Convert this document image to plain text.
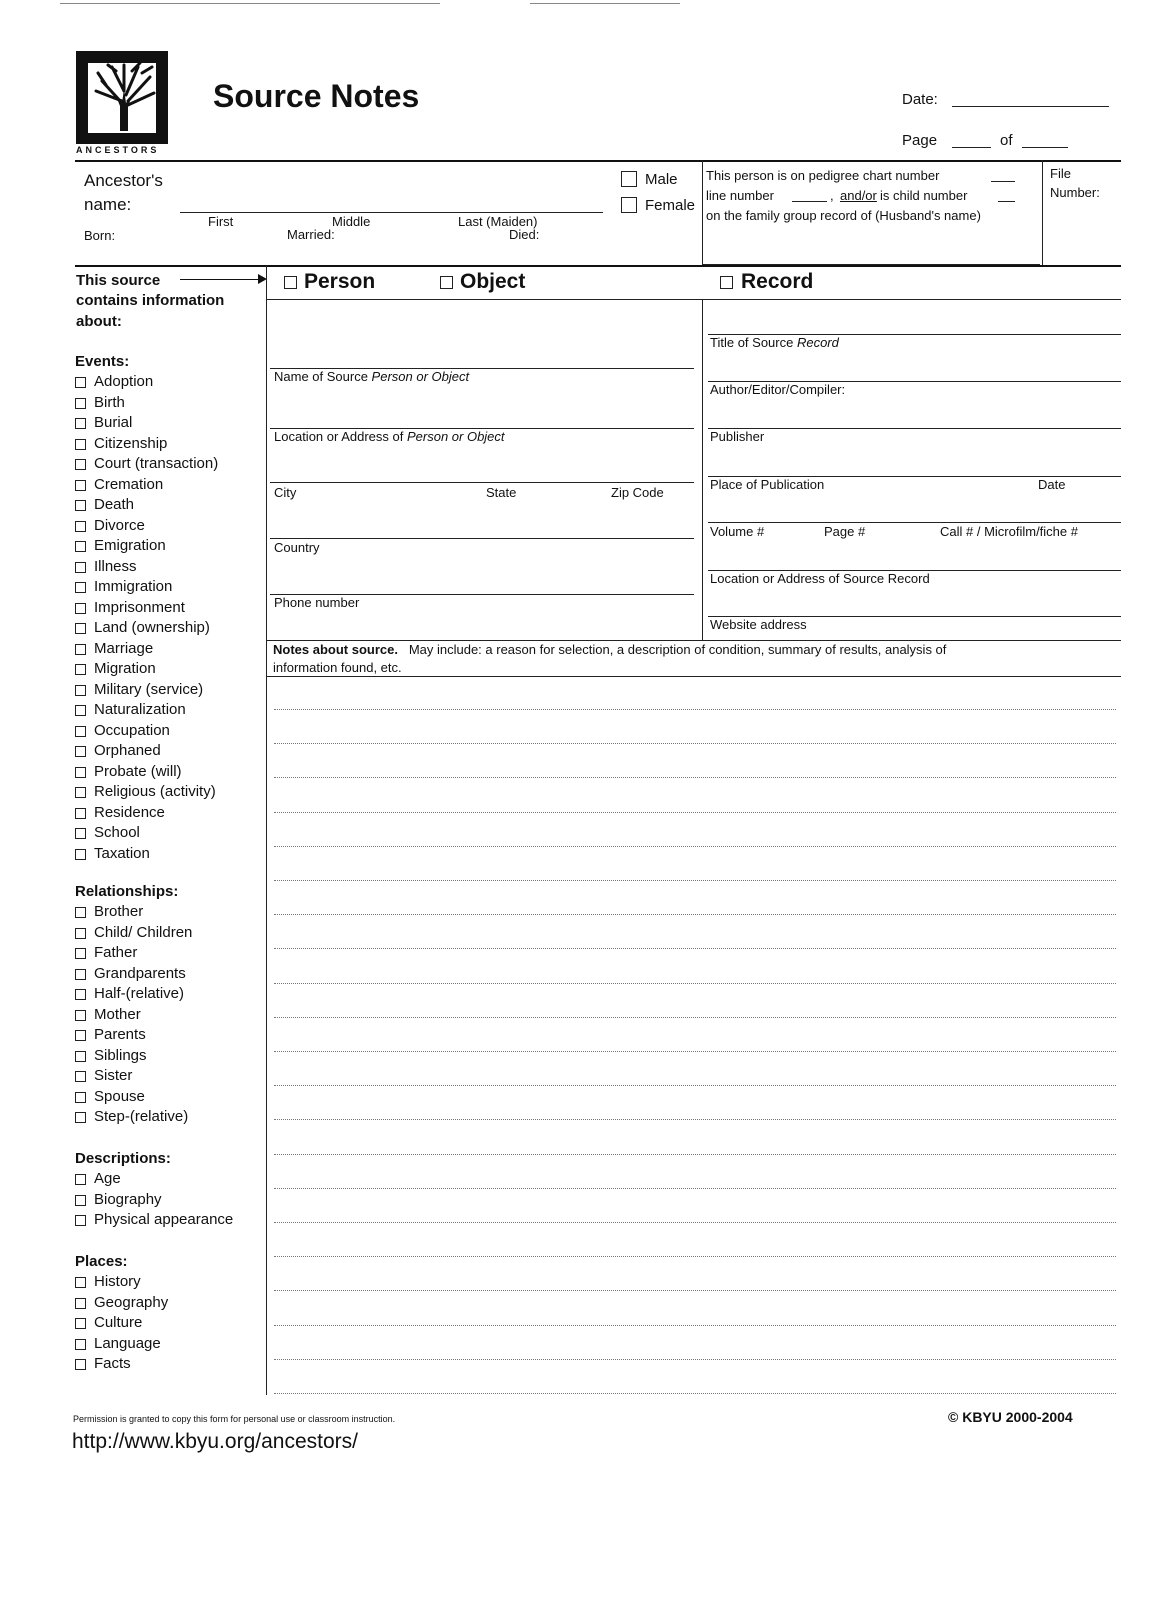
ANCESTORS
Source Notes	Date:
Page	of
Ancestor's
name:
First	Middle	Last (Maiden)
Born:	Married:	Died:
Male
Female
This person is on pedigree chart number
line number	, and/or is child number
on the family group record of (Husband's name)
File
Number:
This source
contains information
about:
Person	Object	Record
Name of Source Person or Object
Location or Address of Person or Object
City	State	Zip Code
Country
Phone number
Title of Source Record
Author/Editor/Compiler:
Publisher
Place of Publication	Date
Volume #	Page #	Call # / Microfilm/fiche #
Location or Address of Source Record
Website address
Notes about source. May include: a reason for selection, a description of condition, summary of results, analysis of
information found, etc.
Events:
Adoption
Birth
Burial
Citizenship
Court (transaction)
Cremation
Death
Divorce
Emigration
Illness
Immigration
Imprisonment
Land (ownership)
Marriage
Migration
Military (service)
Naturalization
Occupation
Orphaned
Probate (will)
Religious (activity)
Residence
School
Taxation
Relationships:
Brother
Child/ Children
Father
Grandparents
Half-(relative)
Mother
Parents
Siblings
Sister
Spouse
Step-(relative)
Descriptions:
Age
Biography
Physical appearance
Places:
History
Geography
Culture
Language
Facts
Permission is granted to copy this form for personal use or classroom instruction.	© KBYU 2000-2004
http://www.kbyu.org/ancestors/
